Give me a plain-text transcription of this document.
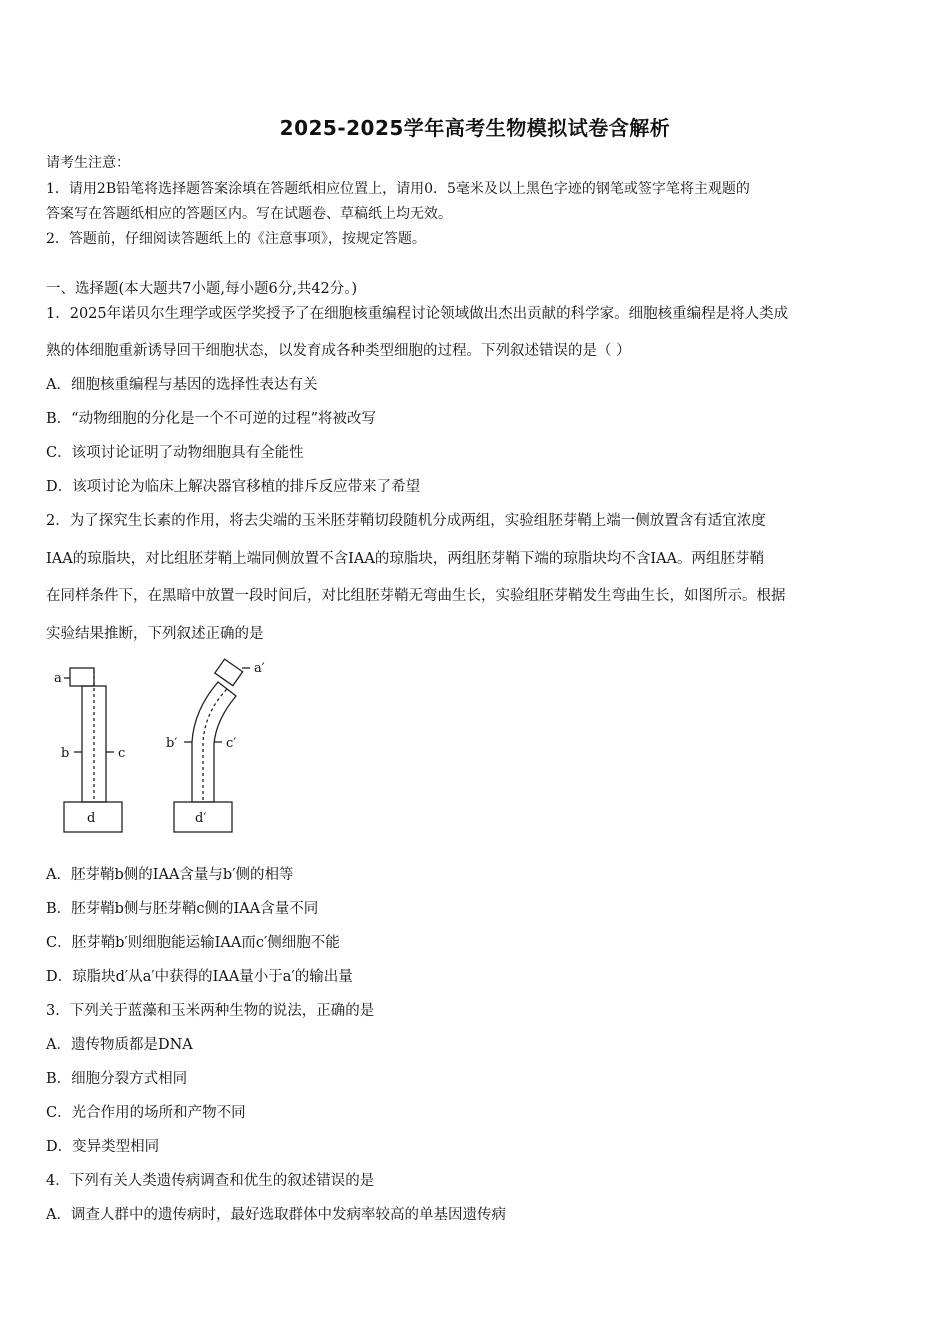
2025-2025学年高考生物模拟试卷含解析
请考生注意：
1．请用2B铅笔将选择题答案涂填在答题纸相应位置上，请用0．5毫米及以上黑色字迹的钢笔或签字笔将主观题的
答案写在答题纸相应的答题区内。写在试题卷、草稿纸上均无效。
2．答题前，仔细阅读答题纸上的《注意事项》，按规定答题。
一、选择题(本大题共7小题,每小题6分,共42分。)
1．2025年诺贝尔生理学或医学奖授予了在细胞核重编程讨论领域做出杰出贡献的科学家。细胞核重编程是将人类成
熟的体细胞重新诱导回干细胞状态，以发育成各种类型细胞的过程。下列叙述错误的是（ ）
A．细胞核重编程与基因的选择性表达有关
B．“动物细胞的分化是一个不可逆的过程”将被改写
C．该项讨论证明了动物细胞具有全能性
D．该项讨论为临床上解决器官移植的排斥反应带来了希望
2．为了探究生长素的作用，将去尖端的玉米胚芽鞘切段随机分成两组，实验组胚芽鞘上端一侧放置含有适宜浓度
IAA的琼脂块，对比组胚芽鞘上端同侧放置不含IAA的琼脂块，两组胚芽鞘下端的琼脂块均不含IAA。两组胚芽鞘
在同样条件下，在黑暗中放置一段时间后，对比组胚芽鞘无弯曲生长，实验组胚芽鞘发生弯曲生长，如图所示。根据
实验结果推断，下列叙述正确的是
a
b	c
d
a′
b′	c′
d′
A．胚芽鞘b侧的IAA含量与b′侧的相等
B．胚芽鞘b侧与胚芽鞘c侧的IAA含量不同
C．胚芽鞘b′则细胞能运输IAA而c′侧细胞不能
D．琼脂块d′从a′中获得的IAA量小于a′的输出量
3．下列关于蓝藻和玉米两种生物的说法，正确的是
A．遗传物质都是DNA
B．细胞分裂方式相同
C．光合作用的场所和产物不同
D．变异类型相同
4．下列有关人类遗传病调查和优生的叙述错误的是
A．调查人群中的遗传病时，最好选取群体中发病率较高的单基因遗传病
